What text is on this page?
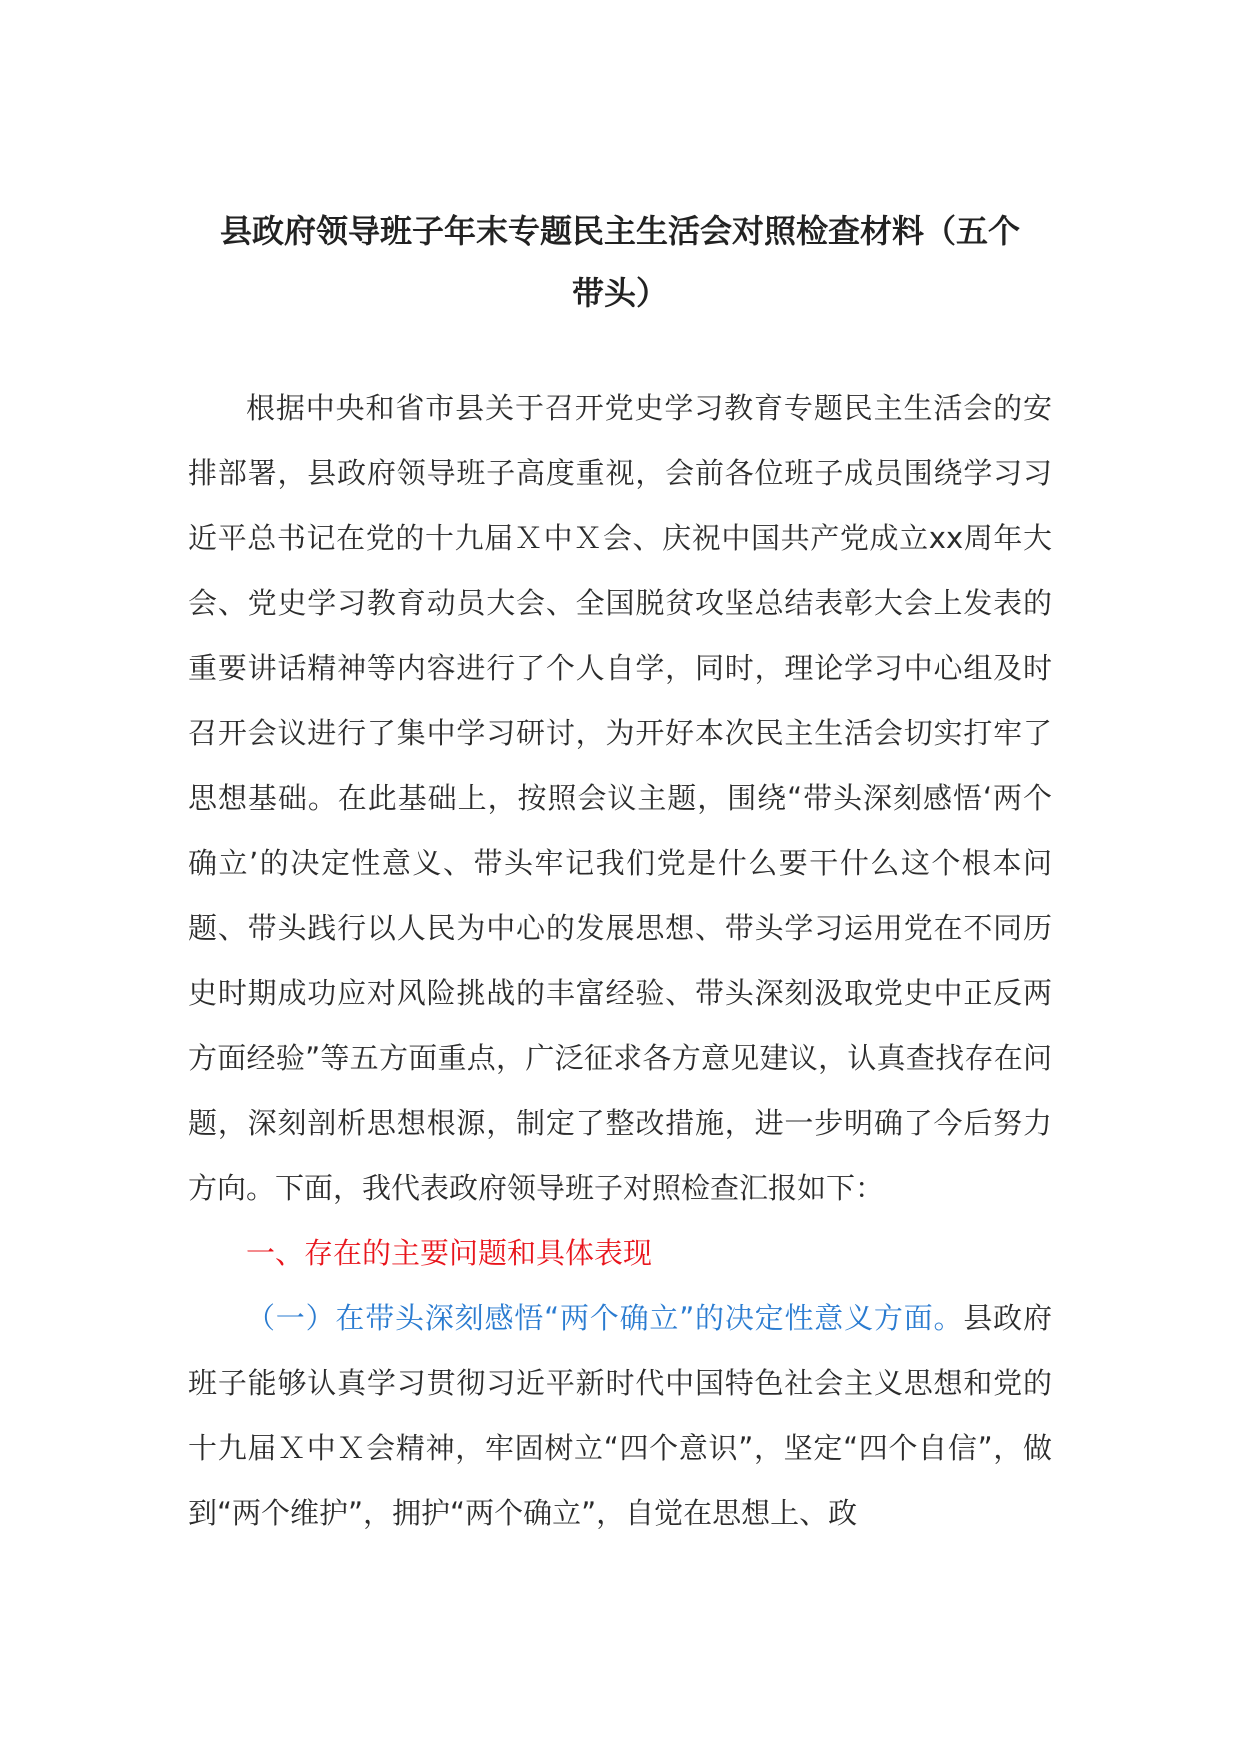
县政府领导班子年末专题民主生活会对照检查材料（五个

带头）

根据中央和省市县关于召开党史学习教育专题民主生活会的安排部署，县政府领导班子高度重视，会前各位班子成员围绕学习习近平总书记在党的十九届Ｘ中Ｘ会、庆祝中国共产党成立xx周年大会、党史学习教育动员大会、全国脱贫攻坚总结表彰大会上发表的重要讲话精神等内容进行了个人自学，同时，理论学习中心组及时召开会议进行了集中学习研讨，为开好本次民主生活会切实打牢了思想基础。在此基础上，按照会议主题，围绕“带头深刻感悟‘两个确立’的决定性意义、带头牢记我们党是什么要干什么这个根本问题、带头践行以人民为中心的发展思想、带头学习运用党在不同历史时期成功应对风险挑战的丰富经验、带头深刻汲取党史中正反两方面经验”等五方面重点，广泛征求各方意见建议，认真查找存在问题，深刻剖析思想根源，制定了整改措施，进一步明确了今后努力方向。下面，我代表政府领导班子对照检查汇报如下：

一、存在的主要问题和具体表现

（一）在带头深刻感悟“两个确立”的决定性意义方面。县政府班子能够认真学习贯彻习近平新时代中国特色社会主义思想和党的十九届Ｘ中Ｘ会精神，牢固树立“四个意识”，坚定“四个自信”，做到“两个维护”，拥护“两个确立”，自觉在思想上、政
